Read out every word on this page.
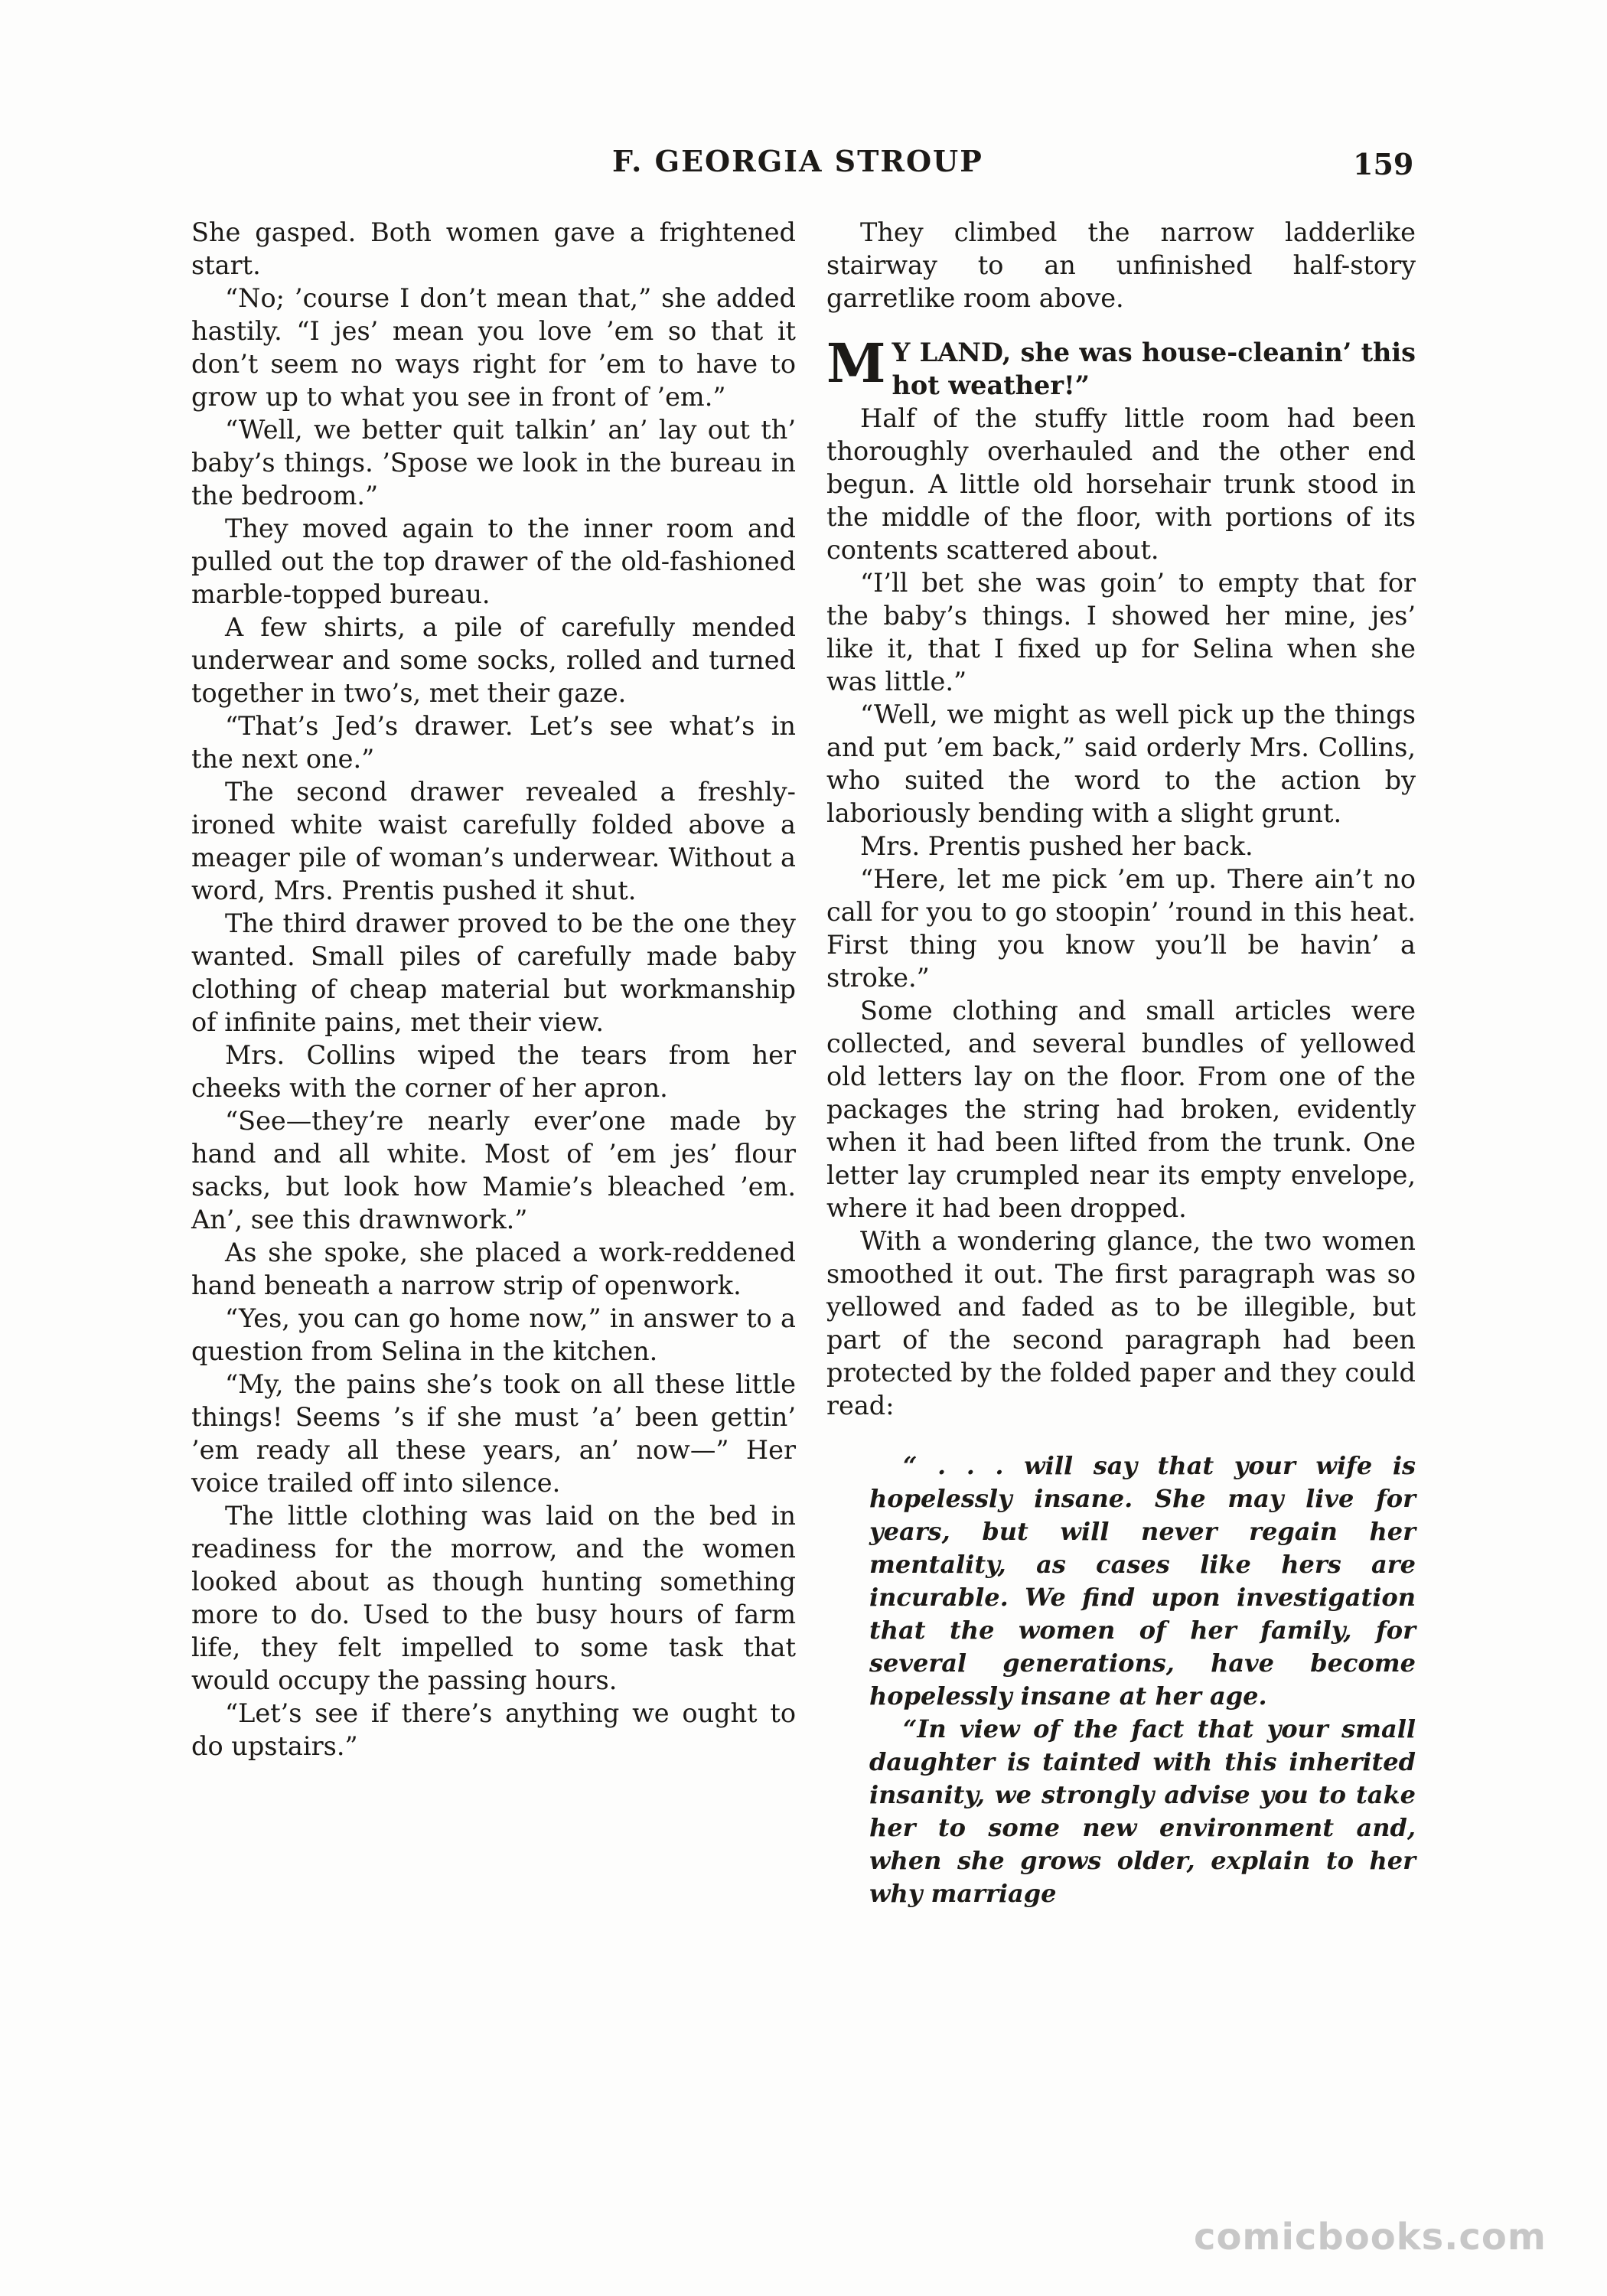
F. GEORGIA STROUP	159

She gasped. Both women gave a frightened start.

“No; ’course I don’t mean that,” she added hastily. “I jes’ mean you love ’em so that it don’t seem no ways right for ’em to have to grow up to what you see in front of ’em.”

“Well, we better quit talkin’ an’ lay out th’ baby’s things. ’Spose we look in the bureau in the bedroom.”

They moved again to the inner room and pulled out the top drawer of the old-fashioned marble-topped bureau.

A few shirts, a pile of carefully mended underwear and some socks, rolled and turned together in two’s, met their gaze.

“That’s Jed’s drawer. Let’s see what’s in the next one.”

The second drawer revealed a freshly-ironed white waist carefully folded above a meager pile of woman’s underwear. Without a word, Mrs. Prentis pushed it shut.

The third drawer proved to be the one they wanted. Small piles of carefully made baby clothing of cheap material but workmanship of infinite pains, met their view.

Mrs. Collins wiped the tears from her cheeks with the corner of her apron.

“See—they’re nearly ever’one made by hand and all white. Most of ’em jes’ flour sacks, but look how Mamie’s bleached ’em. An’, see this drawnwork.”

As she spoke, she placed a work-reddened hand beneath a narrow strip of openwork.

“Yes, you can go home now,” in answer to a question from Selina in the kitchen.

“My, the pains she’s took on all these little things! Seems ’s if she must ’a’ been gettin’ ’em ready all these years, an’ now—” Her voice trailed off into silence.

The little clothing was laid on the bed in readiness for the morrow, and the women looked about as though hunting something more to do. Used to the busy hours of farm life, they felt impelled to some task that would occupy the passing hours.

“Let’s see if there’s anything we ought to do upstairs.”

They climbed the narrow ladderlike stairway to an unfinished half-story garretlike room above.

M Y LAND, she was house-cleanin’ this hot weather!”

Half of the stuffy little room had been thoroughly overhauled and the other end begun. A little old horsehair trunk stood in the middle of the floor, with portions of its contents scattered about.

“I’ll bet she was goin’ to empty that for the baby’s things. I showed her mine, jes’ like it, that I fixed up for Selina when she was little.”

“Well, we might as well pick up the things and put ’em back,” said orderly Mrs. Collins, who suited the word to the action by laboriously bending with a slight grunt.

Mrs. Prentis pushed her back.

“Here, let me pick ’em up. There ain’t no call for you to go stoopin’ ’round in this heat. First thing you know you’ll be havin’ a stroke.”

Some clothing and small articles were collected, and several bundles of yellowed old letters lay on the floor. From one of the packages the string had broken, evidently when it had been lifted from the trunk. One letter lay crumpled near its empty envelope, where it had been dropped.

With a wondering glance, the two women smoothed it out. The first paragraph was so yellowed and faded as to be illegible, but part of the second paragraph had been protected by the folded paper and they could read:

“ . . . will say that your wife is hopelessly insane. She may live for years, but will never regain her mentality, as cases like hers are incurable. We find upon investigation that the women of her family, for several generations, have become hopelessly insane at her age.

“In view of the fact that your small daughter is tainted with this inherited insanity, we strongly advise you to take her to some new environment and, when she grows older, explain to her why marriage

comicbooks.com
